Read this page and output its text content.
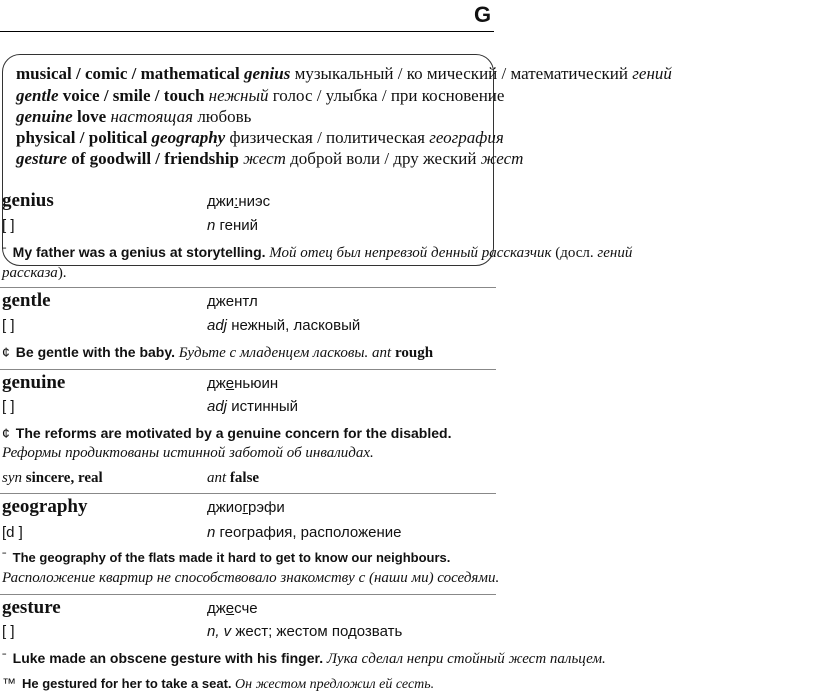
G
musical / comic / mathematical genius музыкальный / ко мический / математический гений
gentle voice / smile / touch нежный голос / улыбка / при косновение
genuine love настоящая любовь
physical / political geography физическая / политическая география
gesture of goodwill / friendship жест доброй воли / дру жеский жест
genius	джи:ниэс
[ ]	n гений
ˉ My father was a genius at storytelling. Мой отец был непревзой денный рассказчик (досл. гений
рассказа).
gentle	джентл
[ ]	adj нежный, ласковый
¢ Be gentle with the baby. Будьте с младенцем ласковы. ant rough
genuine	дженьюин
[ ]	adj истинный
¢ The reforms are motivated by a genuine concern for the disabled.
Реформы продиктованы истинной заботой об инвалидах.
syn sincere, real	ant false
geography	джиогрэфи
[d ]	n география, расположение
ˉ The geography of the flats made it hard to get to know our neighbours.
Расположение квартир не способствовало знакомству с (наши ми) соседями.
gesture	джесче
[ ]	n, v жест; жестом подозвать
ˉ Luke made an obscene gesture with his finger. Лука сделал непри стойный жест пальцем.
™ He gestured for her to take a seat. Он жестом предложил ей сесть.
